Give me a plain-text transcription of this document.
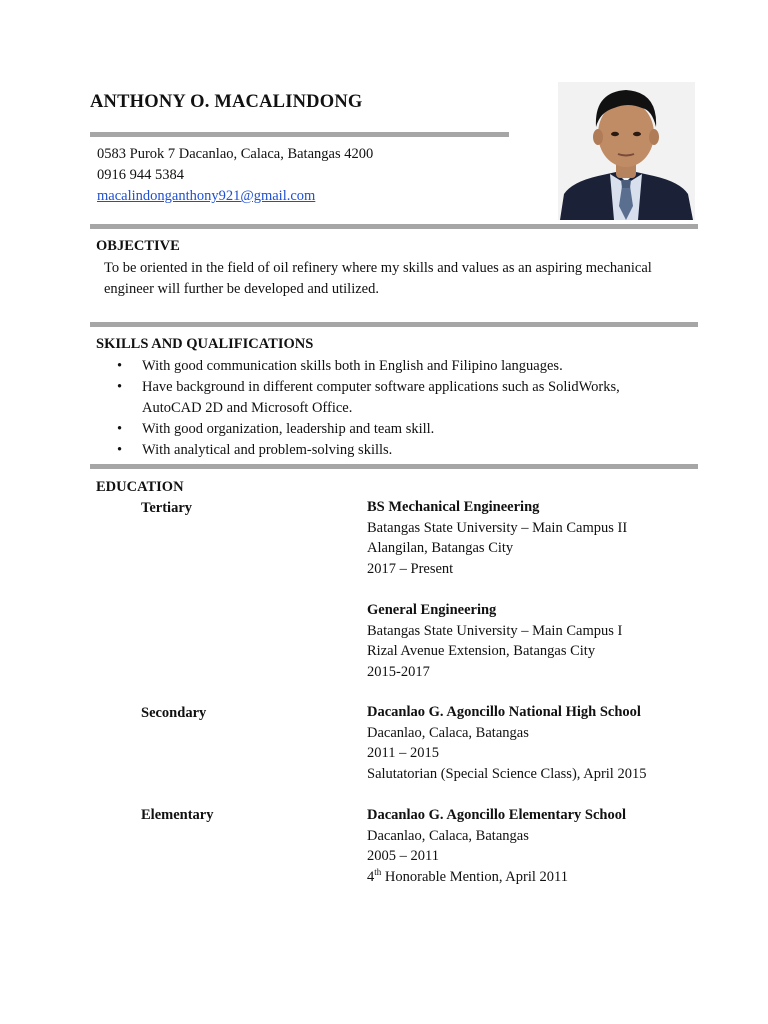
ANTHONY O. MACALINDONG
0583 Purok 7 Dacanlao, Calaca, Batangas 4200
0916 944 5384
macalindonganthony921@gmail.com
OBJECTIVE
To be oriented in the field of oil refinery where my skills and values as an aspiring mechanical
engineer will further be developed and utilized.
SKILLS AND QUALIFICATIONS
• With good communication skills both in English and Filipino languages.
• Have background in different computer software applications such as SolidWorks,
AutoCAD 2D and Microsoft Office.
• With good organization, leadership and team skill.
• With analytical and problem-solving skills.
EDUCATION
Tertiary	BS Mechanical Engineering
Batangas State University – Main Campus II
Alangilan, Batangas City
2017 – Present
General Engineering
Batangas State University – Main Campus I
Rizal Avenue Extension, Batangas City
2015-2017
Secondary	Dacanlao G. Agoncillo National High School
Dacanlao, Calaca, Batangas
2011 – 2015
Salutatorian (Special Science Class), April 2015
Elementary	Dacanlao G. Agoncillo Elementary School
Dacanlao, Calaca, Batangas
2005 – 2011
4th Honorable Mention, April 2011
